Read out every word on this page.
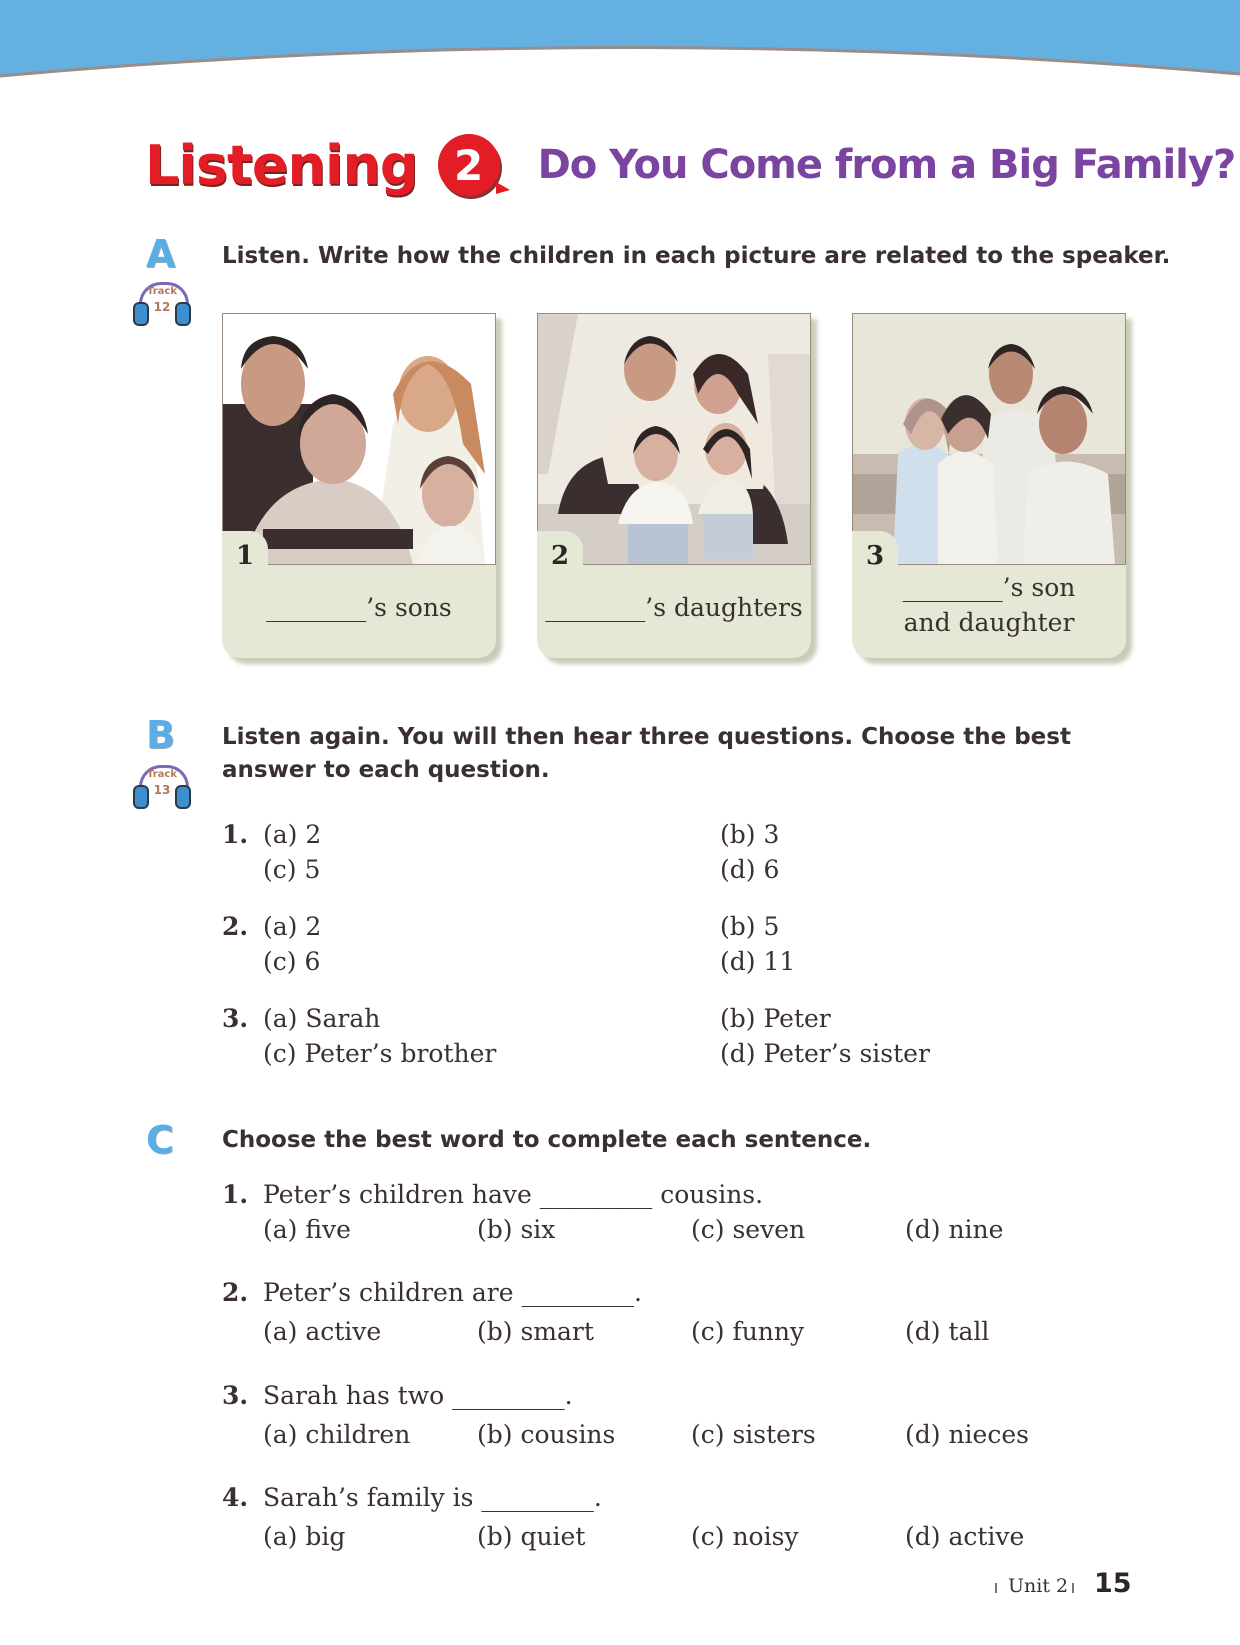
Listening 2	Do You Come from a Big Family?
A
Track
12
Listen. Write how the children in each picture are related to the speaker.
1
________’s sons
2
________’s daughters
3
________’s son
and daughter
B
Track
13
Listen again. You will then hear three questions. Choose the best
answer to each question.
1. (a) 2	(b) 3
(c) 5	(d) 6
2. (a) 2	(b) 5
(c) 6	(d) 11
3. (a) Sarah	(b) Peter
(c) Peter’s brother	(d) Peter’s sister
C Choose the best word to complete each sentence.
1. Peter’s children have _________ cousins.
(a) five	(b) six	(c) seven	(d) nine
2. Peter’s children are _________.
(a) active	(b) smart	(c) funny	(d) tall
3. Sarah has two _________.
(a) children	(b) cousins	(c) sisters	(d) nieces
4. Sarah’s family is _________.
(a) big	(b) quiet	(c) noisy	(d) active
Unit 2 15
